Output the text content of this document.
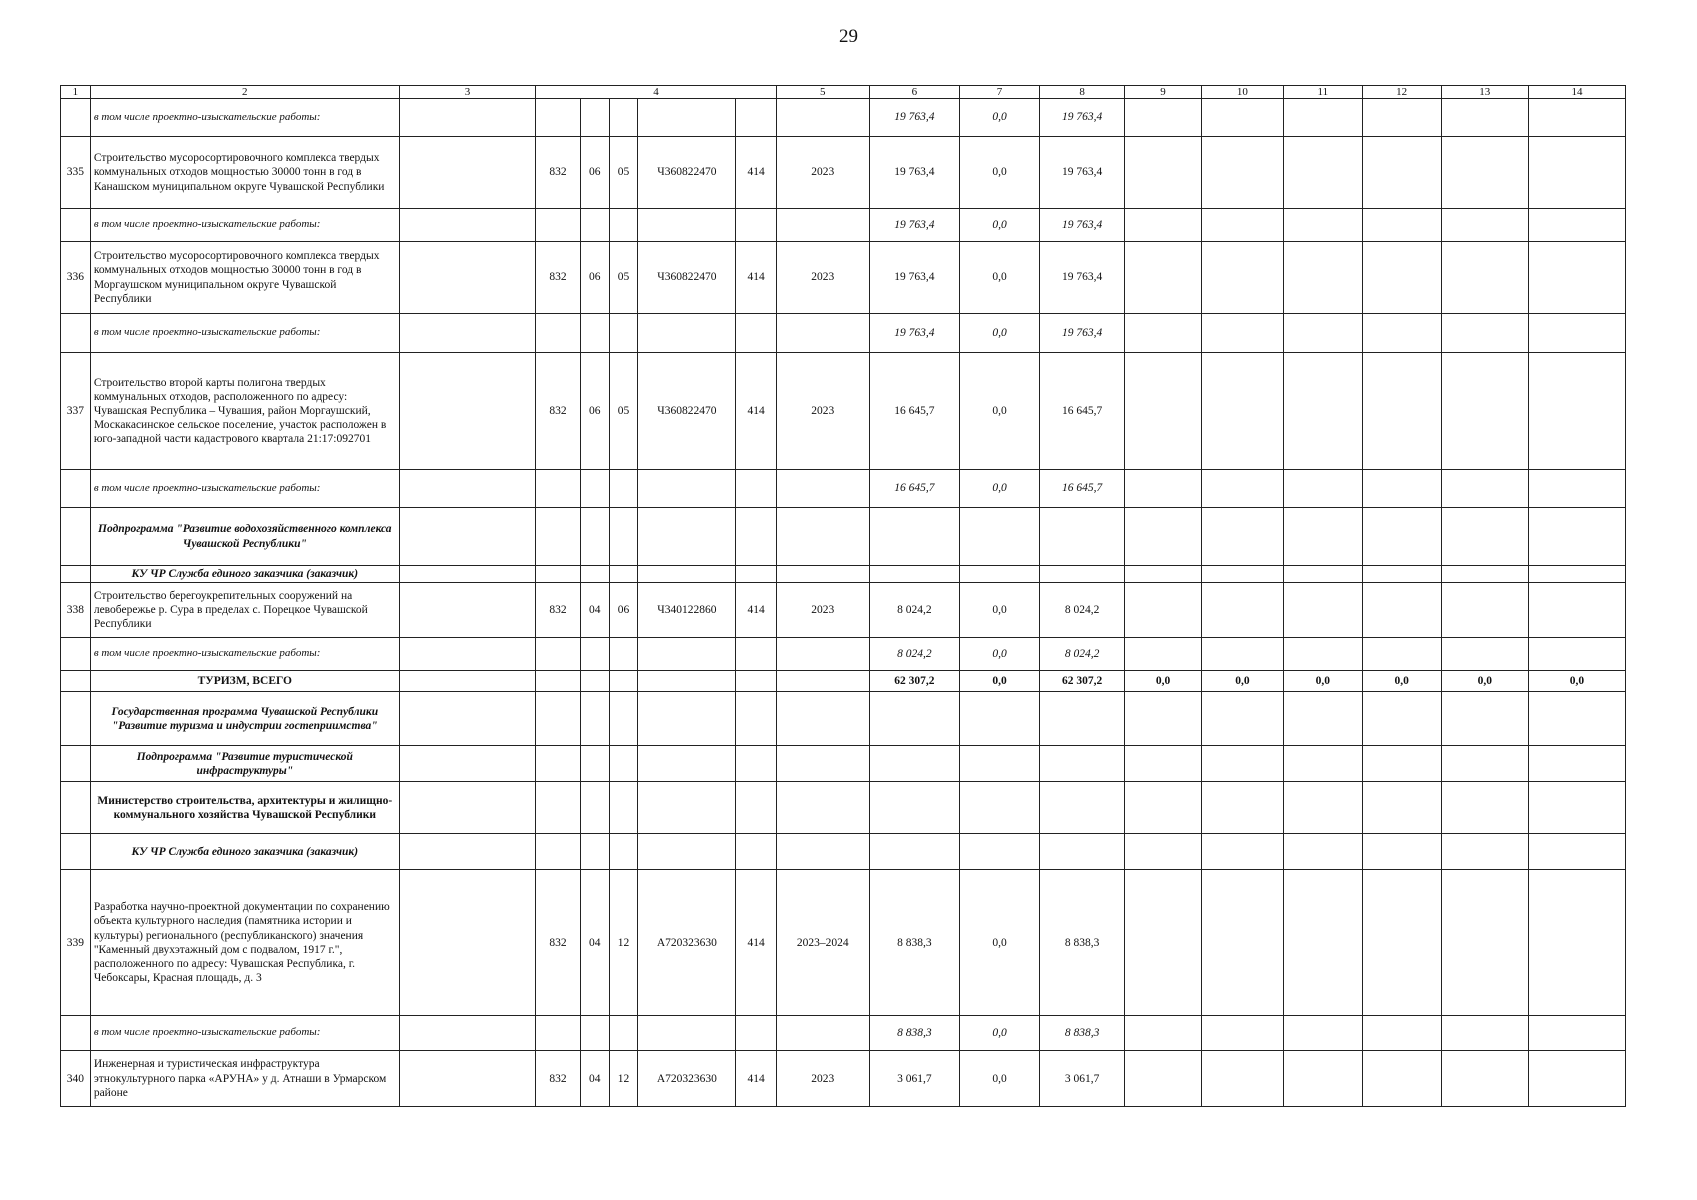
29
1	2	3	4					5	6	7	8	9	10	11	12	13	14
	в том числе проектно-изыскательские работы:								19 763,4	0,0	19 763,4						
335	Строительство мусоросортировочного комплекса твердых коммунальных отходов мощностью 30000 тонн в год в Канашском муниципальном округе Чувашской Республики		832	06	05	Ч360822470	414	2023	19 763,4	0,0	19 763,4						
	в том числе проектно-изыскательские работы:								19 763,4	0,0	19 763,4						
336	Строительство мусоросортировочного комплекса твердых коммунальных отходов мощностью 30000 тонн в год в Моргаушском муниципальном округе Чувашской Республики		832	06	05	Ч360822470	414	2023	19 763,4	0,0	19 763,4						
	в том числе проектно-изыскательские работы:								19 763,4	0,0	19 763,4						
337	Строительство второй карты полигона твердых коммунальных отходов, расположенного по адресу: Чувашская Республика – Чувашия, район Моргаушский, Москакасинское сельское поселение, участок расположен в юго-западной части кадастрового квартала 21:17:092701		832	06	05	Ч360822470	414	2023	16 645,7	0,0	16 645,7						
	в том числе проектно-изыскательские работы:								16 645,7	0,0	16 645,7						
	Подпрограмма "Развитие водохозяйственного комплекса Чувашской Республики"																
	КУ ЧР Служба единого заказчика (заказчик)																
338	Строительство берегоукрепительных сооружений на левобережье р. Сура в пределах с. Порецкое Чувашской Республики		832	04	06	Ч340122860	414	2023	8 024,2	0,0	8 024,2						
	в том числе проектно-изыскательские работы:								8 024,2	0,0	8 024,2						
	ТУРИЗМ, ВСЕГО								62 307,2	0,0	62 307,2	0,0	0,0	0,0	0,0	0,0	0,0
	Государственная программа Чувашской Республики "Развитие туризма и индустрии гостеприимства"																
	Подпрограмма "Развитие туристической инфраструктуры"																
	Министерство строительства, архитектуры и жилищно-коммунального хозяйства Чувашской Республики																
	КУ ЧР Служба единого заказчика (заказчик)																
339	Разработка научно-проектной документации по сохранению объекта культурного наследия (памятника истории и культуры) регионального (республиканского) значения "Каменный двухэтажный дом с подвалом, 1917 г.", расположенного по адресу: Чувашская Республика, г. Чебоксары, Красная площадь, д. 3		832	04	12	А720323630	414	2023–2024	8 838,3	0,0	8 838,3						
	в том числе проектно-изыскательские работы:								8 838,3	0,0	8 838,3						
340	Инженерная и туристическая инфраструктура этнокультурного парка «АРУНА» у д. Атнаши в Урмарском районе		832	04	12	А720323630	414	2023	3 061,7	0,0	3 061,7						
